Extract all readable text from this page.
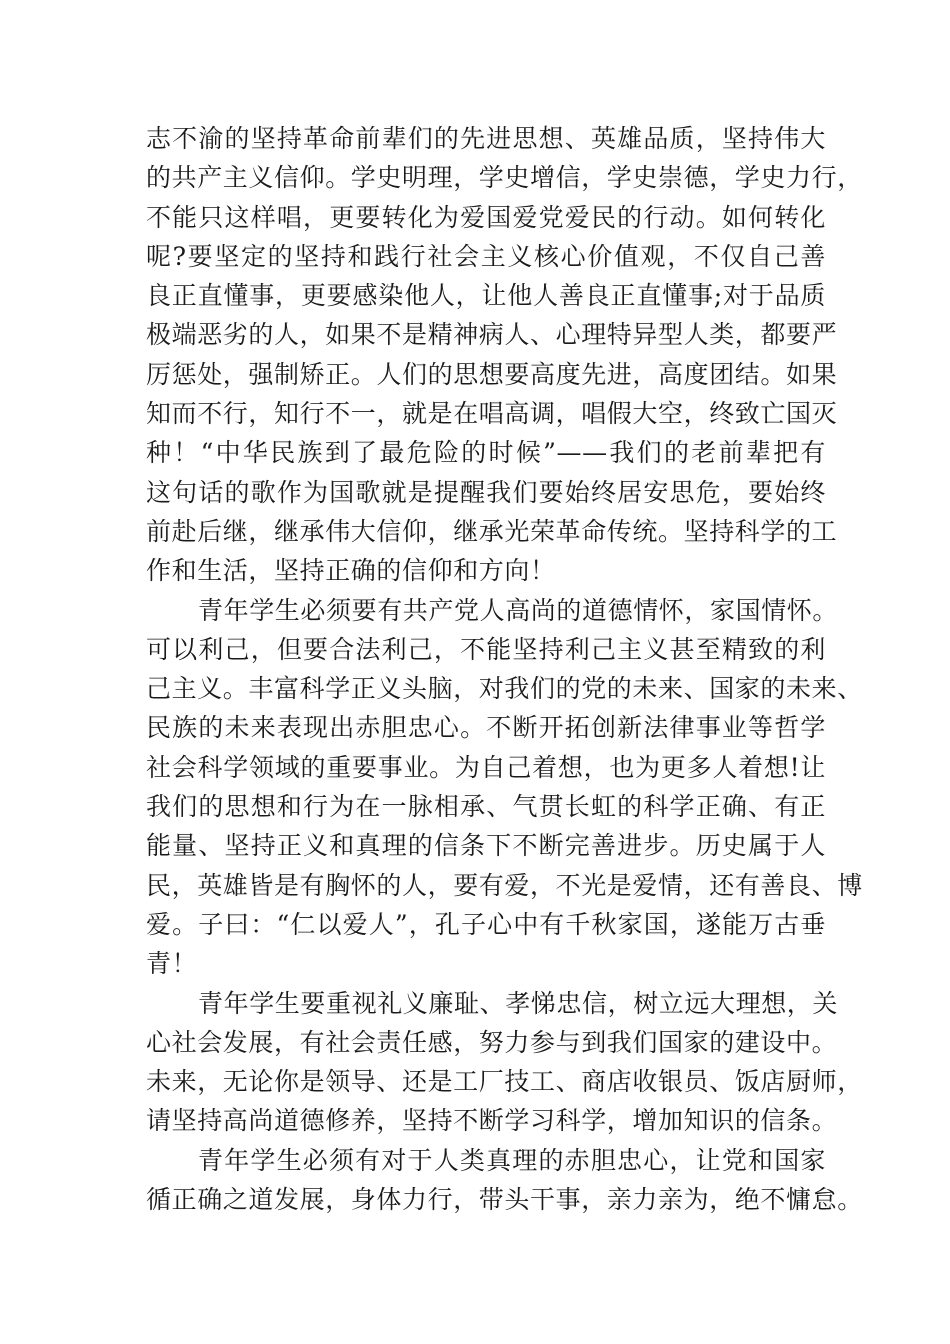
志不渝的坚持革命前辈们的先进思想、英雄品质，坚持伟大
的共产主义信仰。学史明理，学史增信，学史崇德，学史力行，
不能只这样唱，更要转化为爱国爱党爱民的行动。如何转化
呢?要坚定的坚持和践行社会主义核心价值观，不仅自己善
良正直懂事，更要感染他人，让他人善良正直懂事;对于品质
极端恶劣的人，如果不是精神病人、心理特异型人类，都要严
厉惩处，强制矫正。人们的思想要高度先进，高度团结。如果
知而不行，知行不一，就是在唱高调，唱假大空，终致亡国灭
种！“中华民族到了最危险的时候”——我们的老前辈把有
这句话的歌作为国歌就是提醒我们要始终居安思危，要始终
前赴后继，继承伟大信仰，继承光荣革命传统。坚持科学的工
作和生活，坚持正确的信仰和方向！
青年学生必须要有共产党人高尚的道德情怀，家国情怀。
可以利己，但要合法利己，不能坚持利己主义甚至精致的利
己主义。丰富科学正义头脑，对我们的党的未来、国家的未来、
民族的未来表现出赤胆忠心。不断开拓创新法律事业等哲学
社会科学领域的重要事业。为自己着想，也为更多人着想!让
我们的思想和行为在一脉相承、气贯长虹的科学正确、有正
能量、坚持正义和真理的信条下不断完善进步。历史属于人
民，英雄皆是有胸怀的人，要有爱，不光是爱情，还有善良、博
爱。子曰：“仁以爱人”，孔子心中有千秋家国，遂能万古垂
青！
青年学生要重视礼义廉耻、孝悌忠信，树立远大理想，关
心社会发展，有社会责任感，努力参与到我们国家的建设中。
未来，无论你是领导、还是工厂技工、商店收银员、饭店厨师，
请坚持高尚道德修养，坚持不断学习科学，增加知识的信条。
青年学生必须有对于人类真理的赤胆忠心，让党和国家
循正确之道发展，身体力行，带头干事，亲力亲为，绝不慵怠。
